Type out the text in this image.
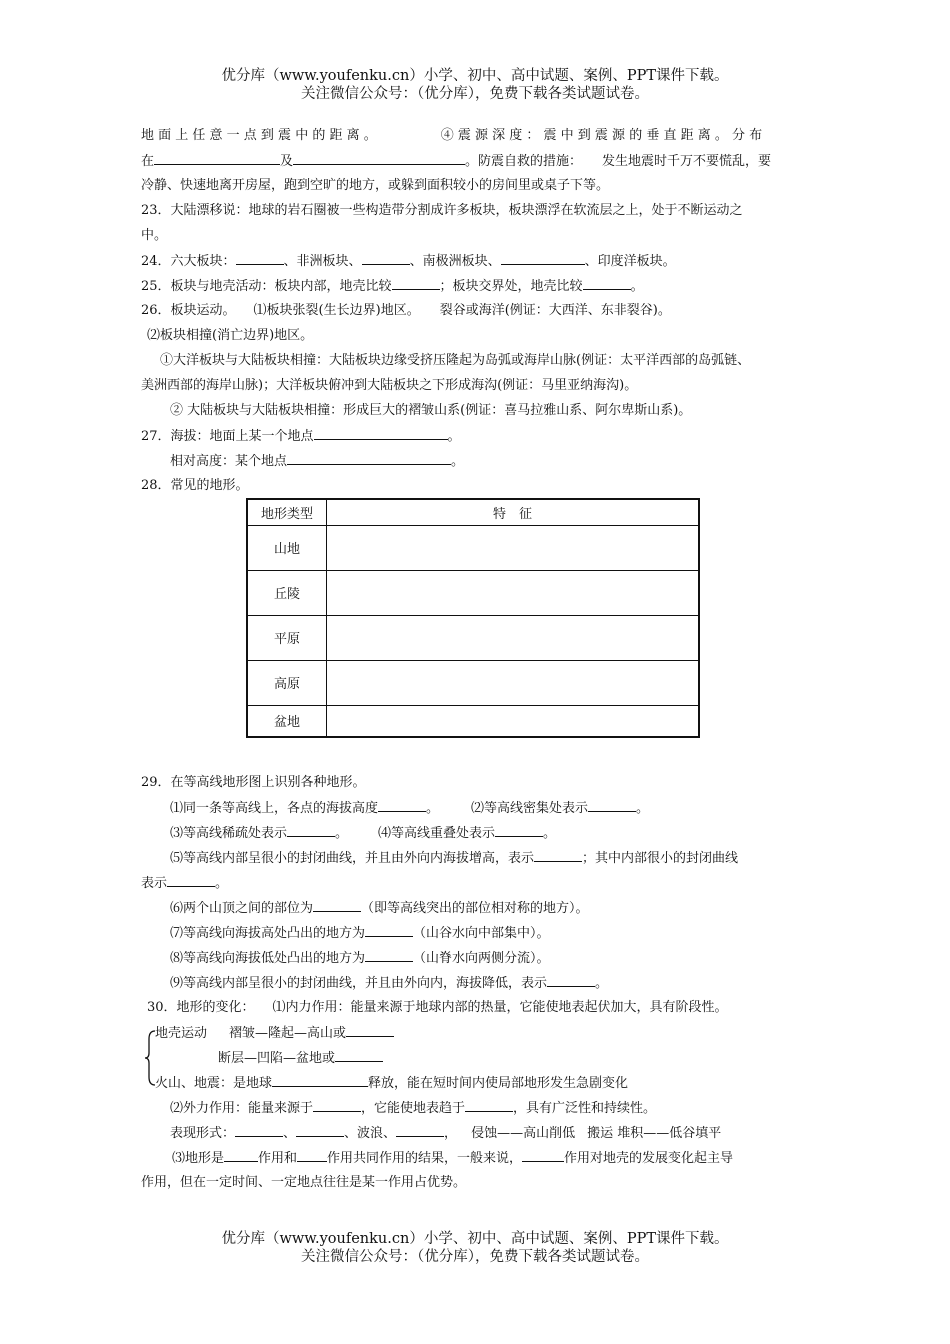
优分库（www.youfenku.cn）小学、初中、高中试题、案例、PPT课件下载。
关注微信公众号：（优分库），免费下载各类试题试卷。
地 面 上 任 意 一 点 到 震 中 的 距 离 。	④ 震 源 深 度 ： 震 中 到 震 源 的 垂 直 距 离 。 分 布
在	及	。防震自救的措施： 发生地震时千万不要慌乱，要
冷静、快速地离开房屋，跑到空旷的地方，或躲到面积较小的房间里或桌子下等。
23．大陆漂移说：地球的岩石圈被一些构造带分割成许多板块，板块漂浮在软流层之上，处于不断运动之
中。
24．六大板块：	、非洲板块、	、南极洲板块、	、印度洋板块。
25．板块与地壳活动：板块内部，地壳比较	；板块交界处，地壳比较	。
26．板块运动。 ⑴板块张裂(生长边界)地区。 裂谷或海洋(例证：大西洋、东非裂谷)。
⑵板块相撞(消亡边界)地区。
①大洋板块与大陆板块相撞：大陆板块边缘受挤压隆起为岛弧或海岸山脉(例证：太平洋西部的岛弧链、
美洲西部的海岸山脉)；大洋板块俯冲到大陆板块之下形成海沟(例证：马里亚纳海沟)。
② 大陆板块与大陆板块相撞：形成巨大的褶皱山系(例证：喜马拉雅山系、阿尔卑斯山系)。
27．海拔：地面上某一个地点	。
相对高度：某个地点	。
28．常见的地形。
地形类型	特　征
山地	
丘陵	
平原	
高原	
盆地	
29．在等高线地形图上识别各种地形。
⑴同一条等高线上，各点的海拔高度	。 ⑵等高线密集处表示	。
⑶等高线稀疏处表示	。 ⑷等高线重叠处表示	。
⑸等高线内部呈很小的封闭曲线，并且由外向内海拔增高，表示	；其中内部很小的封闭曲线
表示	。
⑹两个山顶之间的部位为	（即等高线突出的部位相对称的地方）。
⑺等高线向海拔高处凸出的地方为	（山谷水向中部集中）。
⑻等高线向海拔低处凸出的地方为	（山脊水向两侧分流）。
⑼等高线内部呈很小的封闭曲线，并且由外向内，海拔降低，表示	。
30．地形的变化： ⑴内力作用：能量来源于地球内部的热量，它能使地表起伏加大，具有阶段性。
地壳运动 褶皱—隆起—高山或
断层—凹陷—盆地或
火山、地震：是地球	释放，能在短时间内使局部地形发生急剧变化
⑵外力作用：能量来源于	，它能使地表趋于	，具有广泛性和持续性。
表现形式：	、	、波浪、	， 侵蚀——高山削低 搬运 堆积——低谷填平
⑶地形是	作用和 作用共同作用的结果，一般来说，	作用对地壳的发展变化起主导
作用，但在一定时间、一定地点往往是某一作用占优势。
优分库（www.youfenku.cn）小学、初中、高中试题、案例、PPT课件下载。
关注微信公众号：（优分库），免费下载各类试题试卷。
